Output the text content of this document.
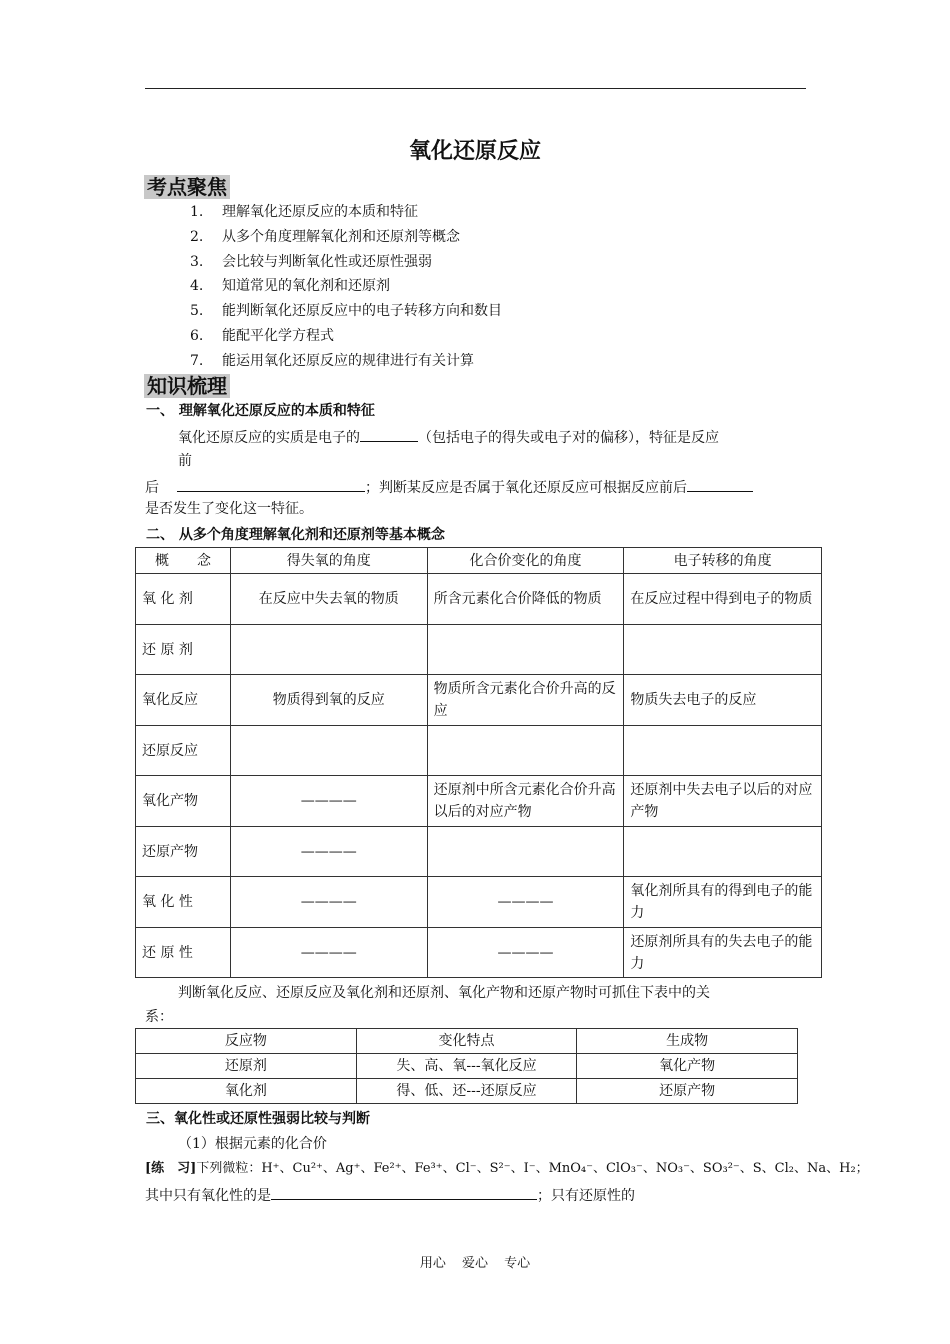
氧化还原反应
考点聚焦
1. 理解氧化还原反应的本质和特征
2. 从多个角度理解氧化剂和还原剂等概念
3. 会比较与判断氧化性或还原性强弱
4. 知道常见的氧化剂和还原剂
5. 能判断氧化还原反应中的电子转移方向和数目
6. 能配平化学方程式
7. 能运用氧化还原反应的规律进行有关计算
知识梳理
一、 理解氧化还原反应的本质和特征
氧化还原反应的实质是电子的	（包括电子的得失或电子对的偏移），特征是反应
前
后	；判断某反应是否属于氧化还原反应可根据反应前后
是否发生了变化这一特征。
二、 从多个角度理解氧化剂和还原剂等基本概念
概　　念	得失氧的角度	化合价变化的角度	电子转移的角度
氧 化 剂	在反应中失去氧的物质	所含元素化合价降低的物质	在反应过程中得到电子的物质
还 原 剂			
氧化反应	物质得到氧的反应	物质所含元素化合价升高的反应	物质失去电子的反应
还原反应			
氧化产物	————	还原剂中所含元素化合价升高以后的对应产物	还原剂中失去电子以后的对应产物
还原产物	————		
氧 化 性	————	————	氧化剂所具有的得到电子的能力
还 原 性	————	————	还原剂所具有的失去电子的能力
判断氧化反应、还原反应及氧化剂和还原剂、氧化产物和还原产物时可抓住下表中的关
系：
反应物	变化特点	生成物
还原剂	失、高、氧---氧化反应	氧化产物
氧化剂	得、低、还---还原反应	还原产物
三、氧化性或还原性强弱比较与判断
（1）根据元素的化合价
[练　习]下列微粒：H⁺、Cu²⁺、Ag⁺、Fe²⁺、Fe³⁺、Cl⁻、S²⁻、I⁻、MnO₄⁻、ClO₃⁻、NO₃⁻、SO₃²⁻、S、Cl₂、Na、H₂；
其中只有氧化性的是	；只有还原性的
用心 爱心 专心
